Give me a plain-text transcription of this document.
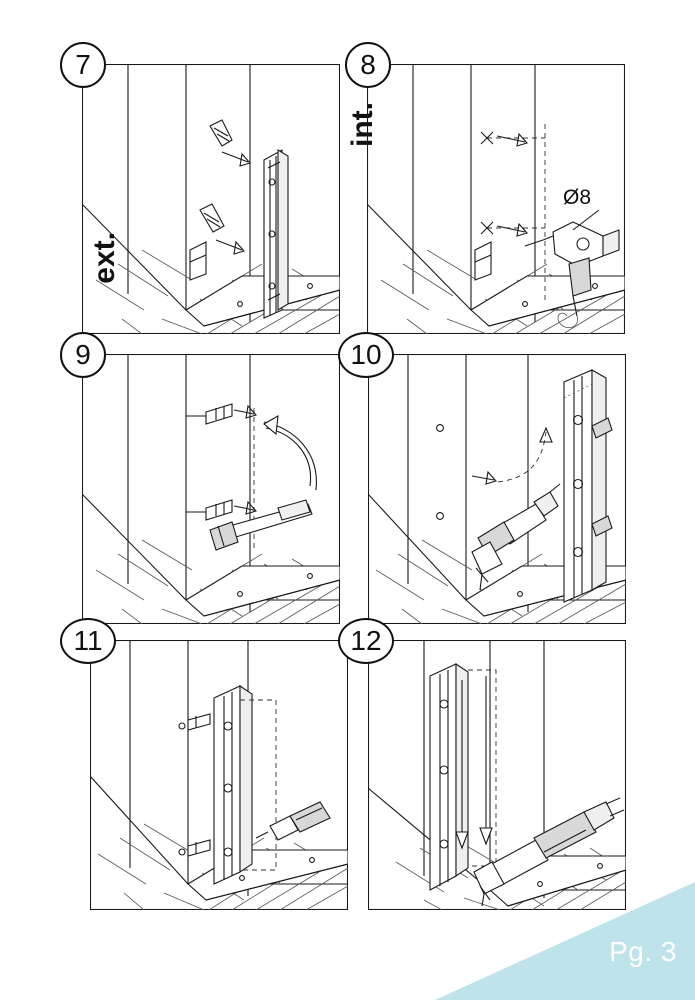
7
int.
ext.
8
Ø8
9	10
11	12
Pg. 3
